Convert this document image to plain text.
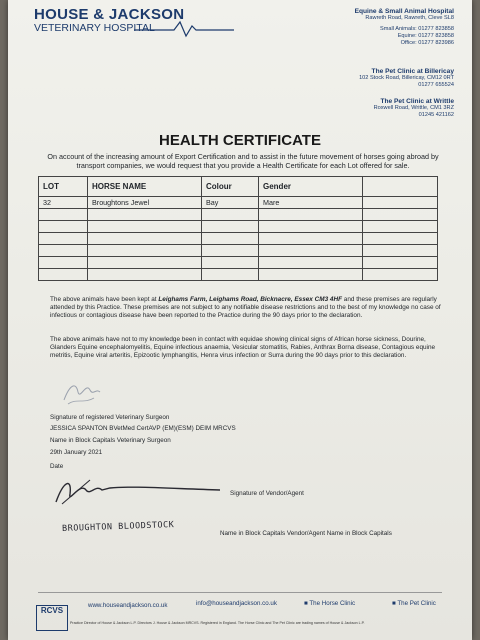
HOUSE & JACKSON
VETERINARY HOSPITAL
Equine & Small Animal Hospital
Rawreth Road, Rawreth, Cleve SL8
Small Animals: 01277 823858
Equine: 01277 823858
Office: 01277 823986
The Pet Clinic at Billericay
102 Stock Road, Billericay, CM12 0RT
01277 655524
The Pet Clinic at Writtle
Roxwell Road, Writtle, CM1 3RZ
01245 421162
HEALTH CERTIFICATE
On account of the increasing amount of Export Certification and to assist in the future movement of horses going abroad by transport companies, we would request that you provide a Health Certificate for each Lot offered for sale.
LOT	HORSE NAME	Colour	Gender	
32	Broughtons Jewel	Bay	Mare	

The above animals have been kept at Leighams Farm, Leighams Road, Bicknacre, Essex CM3 4HF and these premises are regularly attended by this Practice. These premises are not subject to any notifiable disease restrictions and to the best of my knowledge no case of infectious or contagious disease have been reported to the Practice during the 90 days prior to the declaration.
The above animals have not to my knowledge been in contact with equidae showing clinical signs of African horse sickness, Dourine, Glanders Equine encephalomyelitis, Equine infectious anaemia, Vesicular stomatitis, Rabies, Anthrax Borna disease, Contagious equine metritis, Equine viral arteritis, Epizootic lymphangitis, Henra virus infection or Surra during the 90 days prior to this declaration.
Signature of registered Veterinary Surgeon
JESSICA SPANTON BVetMed CertAVP (EM)(ESM) DEIM MRCVS
Name in Block Capitals Veterinary Surgeon
29th January 2021
Date
Signature of Vendor/Agent
BROUGHTON BLOODSTOCK	Name in Block Capitals Vendor/Agent Name in Block Capitals
RCVS
www.houseandjackson.co.uk	info@houseandjackson.co.uk	■ The Horse Clinic	■ The Pet Clinic
Practice Director of House & Jackson L.P. Directors J. House & Jackson MRCVS. Registered in England. The Horse Clinic and The Pet Clinic are trading names of House & Jackson L.P.
